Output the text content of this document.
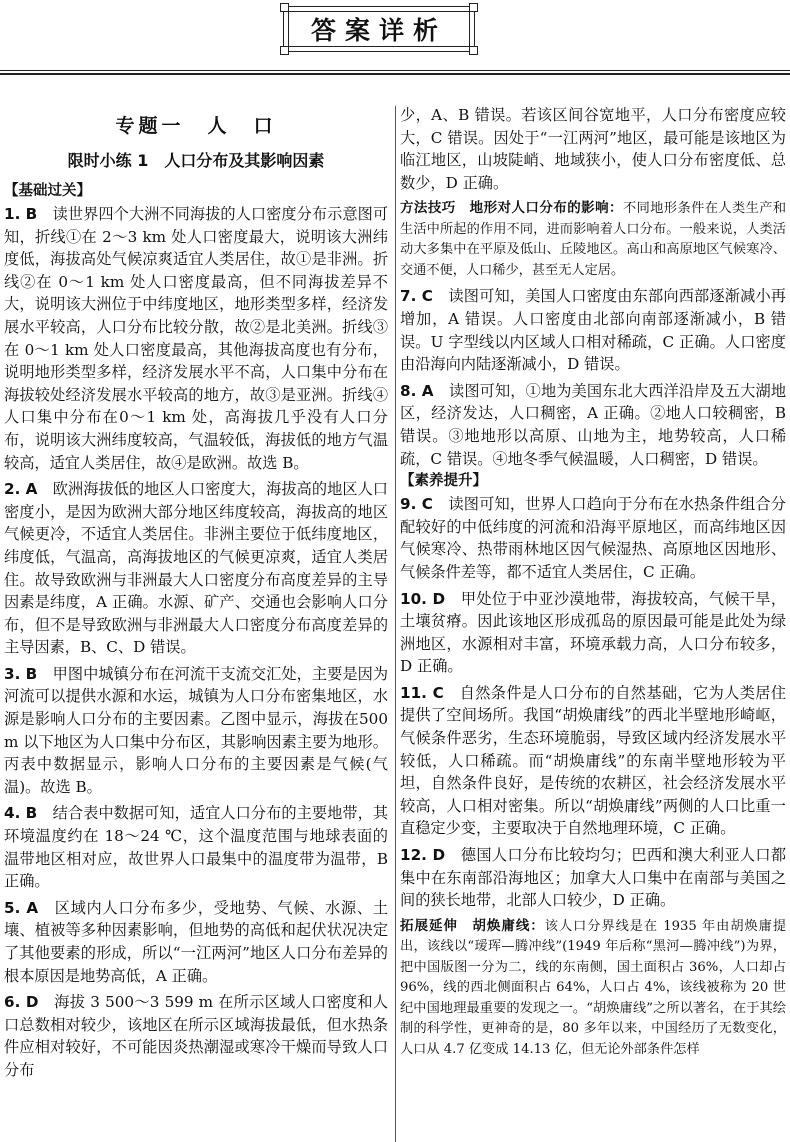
答案详析
专题一　人　口
限时小练 1　人口分布及其影响因素
【基础过关】

1. B　 读世界四个大洲不同海拔的人口密度分布示意图可知，折线①在 2～3 km 处人口密度最大，说明该大洲纬度低，海拔高处气候凉爽适宜人类居住，故①是非洲。折线②在 0～1 km 处人口密度最高，但不同海拔差异不大，说明该大洲位于中纬度地区，地形类型多样，经济发展水平较高，人口分布比较分散，故②是北美洲。折线③在 0～1 km 处人口密度最高，其他海拔高度也有分布，说明地形类型多样，经济发展水平不高，人口集中分布在海拔较处经济发展水平较高的地方，故③是亚洲。折线④人口集中分布在0～1 km 处，高海拔几乎没有人口分布，说明该大洲纬度较高，气温较低，海拔低的地方气温较高，适宜人类居住，故④是欧洲。故选 B。

2. A　 欧洲海拔低的地区人口密度大，海拔高的地区人口密度小，是因为欧洲大部分地区纬度较高，海拔高的地区气候更冷，不适宜人类居住。非洲主要位于低纬度地区，纬度低，气温高，高海拔地区的气候更凉爽，适宜人类居住。故导致欧洲与非洲最大人口密度分布高度差异的主导因素是纬度，A 正确。水源、矿产、交通也会影响人口分布，但不是导致欧洲与非洲最大人口密度分布高度差异的主导因素，B、C、D 错误。

3. B　 甲图中城镇分布在河流干支流交汇处，主要是因为河流可以提供水源和水运，城镇为人口分布密集地区，水源是影响人口分布的主要因素。乙图中显示，海拔在500 m 以下地区为人口集中分布区，其影响因素主要为地形。丙表中数据显示，影响人口分布的主要因素是气候(气温)。故选 B。

4. B　 结合表中数据可知，适宜人口分布的主要地带，其环境温度约在 18～24 ℃，这个温度范围与地球表面的温带地区相对应，故世界人口最集中的温度带为温带，B 正确。

5. A　 区域内人口分布多少，受地势、气候、水源、土壤、植被等多种因素影响，但地势的高低和起伏状况决定了其他要素的形成，所以“一江两河”地区人口分布差异的根本原因是地势高低，A 正确。

6. D　 海拔 3 500～3 599 m 在所示区域人口密度和人口总数相对较少，该地区在所示区域海拔最低，但水热条件应相对较好，不可能因炎热潮湿或寒冷干燥而导致人口分布

少，A、B 错误。若该区间谷宽地平，人口分布密度应较大，C 错误。因处于“一江两河”地区，最可能是该地区为临江地区，山坡陡峭、地域狭小，使人口分布密度低、总数少，D 正确。

方法技巧　地形对人口分布的影响：不同地形条件在人类生产和生活中所起的作用不同，进而影响着人口分布。一般来说，人类活动大多集中在平原及低山、丘陵地区。高山和高原地区气候寒冷、交通不便，人口稀少，甚至无人定居。

7. C　 读图可知，美国人口密度由东部向西部逐渐减小再增加，A 错误。人口密度由北部向南部逐渐减小，B 错误。U 字型线以内区域人口相对稀疏，C 正确。人口密度由沿海向内陆逐渐减小，D 错误。

8. A　 读图可知，①地为美国东北大西洋沿岸及五大湖地区，经济发达，人口稠密，A 正确。②地人口较稠密，B 错误。③地地形以高原、山地为主，地势较高，人口稀疏，C 错误。④地冬季气候温暖，人口稠密，D 错误。

【素养提升】

9. C　 读图可知，世界人口趋向于分布在水热条件组合分配较好的中低纬度的河流和沿海平原地区，而高纬地区因气候寒冷、热带雨林地区因气候湿热、高原地区因地形、气候条件差等，都不适宜人类居住，C 正确。

10. D　 甲处位于中亚沙漠地带，海拔较高，气候干旱，土壤贫瘠。因此该地区形成孤岛的原因最可能是此处为绿洲地区，水源相对丰富，环境承载力高，人口分布较多，D 正确。

11. C　 自然条件是人口分布的自然基础，它为人类居住提供了空间场所。我国“胡焕庸线”的西北半壁地形崎岖，气候条件恶劣，生态环境脆弱，导致区域内经济发展水平较低，人口稀疏。而“胡焕庸线”的东南半壁地形较为平坦，自然条件良好，是传统的农耕区，社会经济发展水平较高，人口相对密集。所以“胡焕庸线”两侧的人口比重一直稳定少变，主要取决于自然地理环境，C 正确。

12. D　 德国人口分布比较均匀；巴西和澳大利亚人口都集中在东南部沿海地区；加拿大人口集中在南部与美国之间的狭长地带，北部人口较少，D 正确。

拓展延伸　胡焕庸线：该人口分界线是在 1935 年由胡焕庸提出，该线以“瑷珲—腾冲线”(1949 年后称“黑河—腾冲线”)为界，把中国版图一分为二，线的东南侧，国土面积占 36%，人口却占 96%，线的西北侧面积占 64%，人口占 4%，该线被称为 20 世纪中国地理最重要的发现之一。“胡焕庸线”之所以著名，在于其绘制的科学性，更神奇的是，80 多年以来，中国经历了无数变化，人口从 4.7 亿变成 14.13 亿，但无论外部条件怎样
